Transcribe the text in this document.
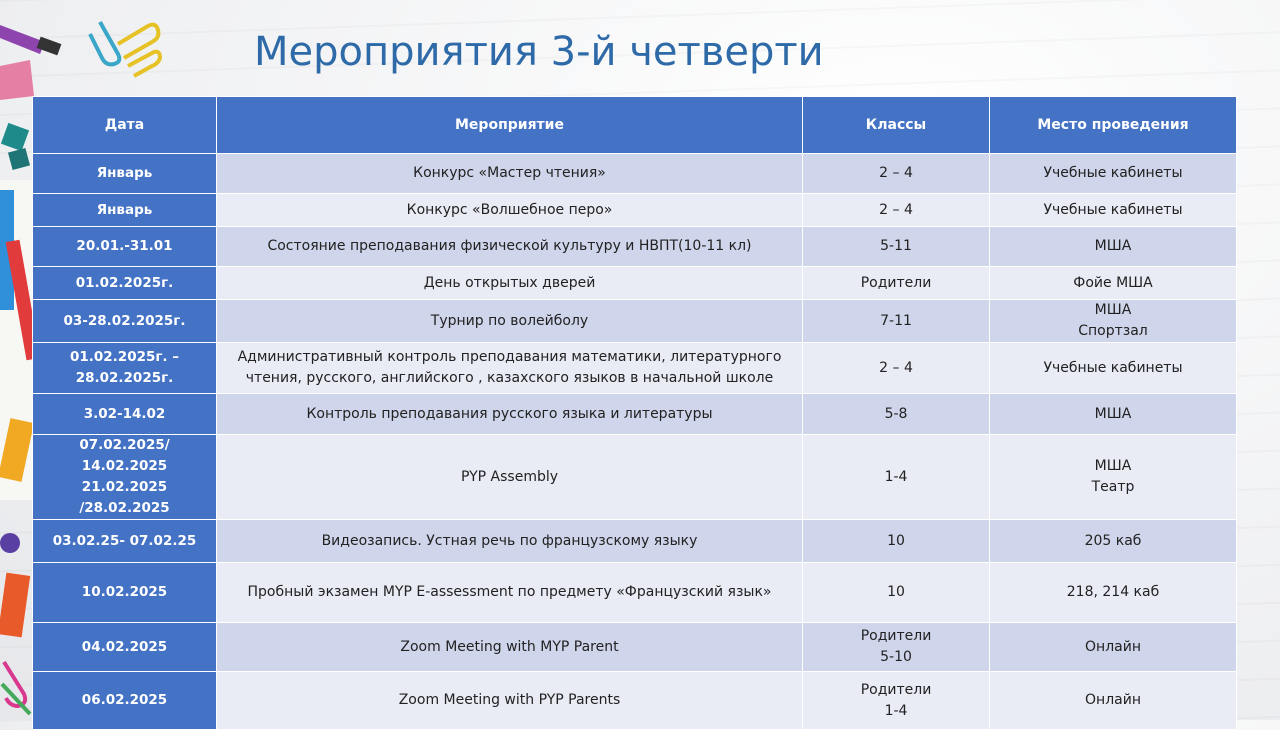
Мероприятия 3-й четверти
Дата	Мероприятие	Классы	Место проведения

Январь	Конкурс «Мастер чтения»	2 – 4	Учебные кабинеты

Январь	Конкурс «Волшебное перо»	2 – 4	Учебные кабинеты

20.01.-31.01	Состояние преподавания физической культуру и НВПТ(10-11 кл)	5-11	МША

01.02.2025г.	День открытых дверей	Родители	Фойе МША

03-28.02.2025г.	Турнир по волейболу	7-11	МША
Спортзал

01.02.2025г. –
28.02.2025г.	Административный контроль преподавания математики, литературного
чтения, русского, английского , казахского языков в начальной школе	2 – 4	Учебные кабинеты

3.02-14.02	Контроль преподавания русского языка и литературы	5-8	МША

07.02.2025/ 14.02.2025
21.02.2025 /28.02.2025	PYP Assembly	1-4	МША
Театр

03.02.25- 07.02.25	Видеозапись. Устная речь по французскому языку	10	205 каб

10.02.2025	Пробный экзамен MYP E-assessment по предмету «Французский язык»	10	218, 214 каб

04.02.2025	Zoom Meeting with MYP Parent	Родители
5-10	Онлайн

06.02.2025	Zoom Meeting with PYP Parents	Родители
1-4	Онлайн
